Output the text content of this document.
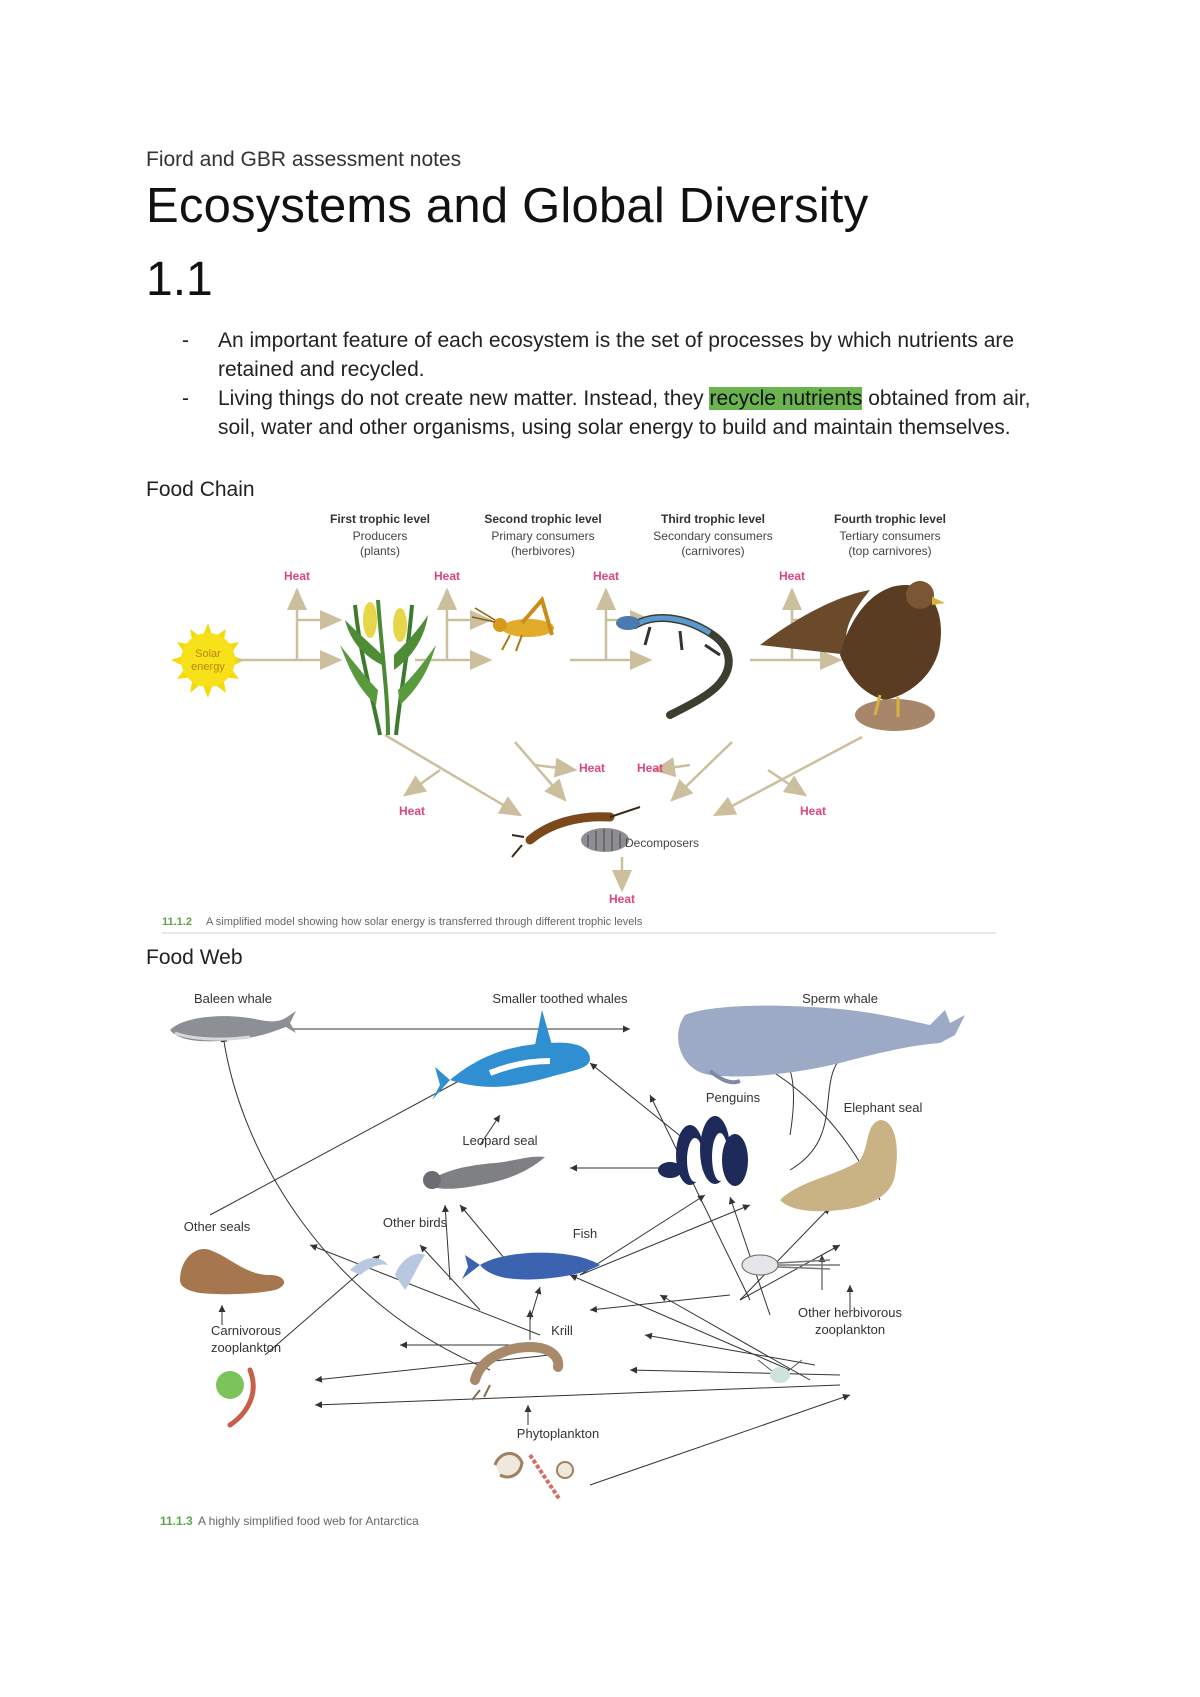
Fiord and GBR assessment notes
Ecosystems and Global Diversity
1.1
- An important feature of each ecosystem is the set of processes by which nutrients are retained and recycled.
- Living things do not create new matter. Instead, they recycle nutrients obtained from air, soil, water and other organisms, using solar energy to build and maintain themselves.
Food Chain
First trophic level
Producers
(plants)
Second trophic level
Primary consumers
(herbivores)
Third trophic level
Secondary consumers
(carnivores)
Fourth trophic level
Tertiary consumers
(top carnivores)
Heat	Heat	Heat	Heat
Solar
energy
Heat	Heat
Heat	Heat
Heat
Decomposers
11.1.2 A simplified model showing how solar energy is transferred through different trophic levels
Food Web
Baleen whale	Smaller toothed whales	Sperm whale
Penguins
Elephant seal
Leopard seal
Other seals	Other birds
Fish
Carnivorous
zooplankton
Krill
Other herbivorous
zooplankton
Phytoplankton
11.1.3 A highly simplified food web for Antarctica
